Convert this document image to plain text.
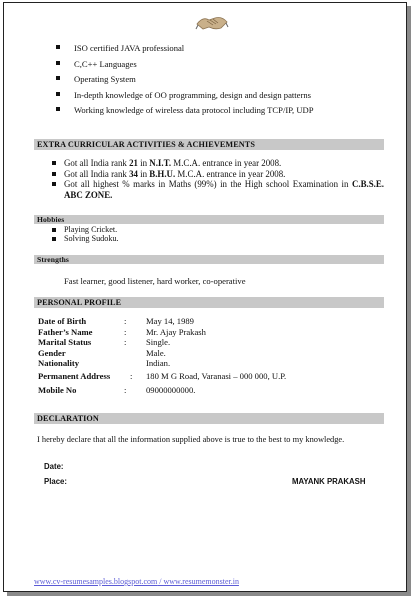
ISO certified JAVA professional
C,C++ Languages
Operating System
In-depth knowledge of OO programming, design and design patterns
Working knowledge of wireless data protocol including TCP/IP, UDP
EXTRA CURRICULAR ACTIVITIES & ACHIEVEMENTS
Got all India rank 21 in N.I.T. M.C.A. entrance in year 2008.
Got all India rank 34 in B.H.U. M.C.A. entrance in year 2008.
Got all highest % marks in Maths (99%) in the High school Examination in C.B.S.E. ABC ZONE.
Hobbies
Playing Cricket.
Solving Sudoku.
Strengths
Fast learner, good listener, hard worker, co-operative
PERSONAL PROFILE
Date of Birth	: May 14, 1989
Father’s Name	: Mr. Ajay Prakash
Marital Status	: Single.
Gender	Male.
Nationality	Indian.
Permanent Address : 180 M G Road, Varanasi – 000 000, U.P.
Mobile No	: 09000000000.
DECLARATION
I hereby declare that all the information supplied above is true to the best to my knowledge.
Date:
Place:	MAYANK PRAKASH
www.cv-resumesamples.blogspot.com / www.resumemonster.in
